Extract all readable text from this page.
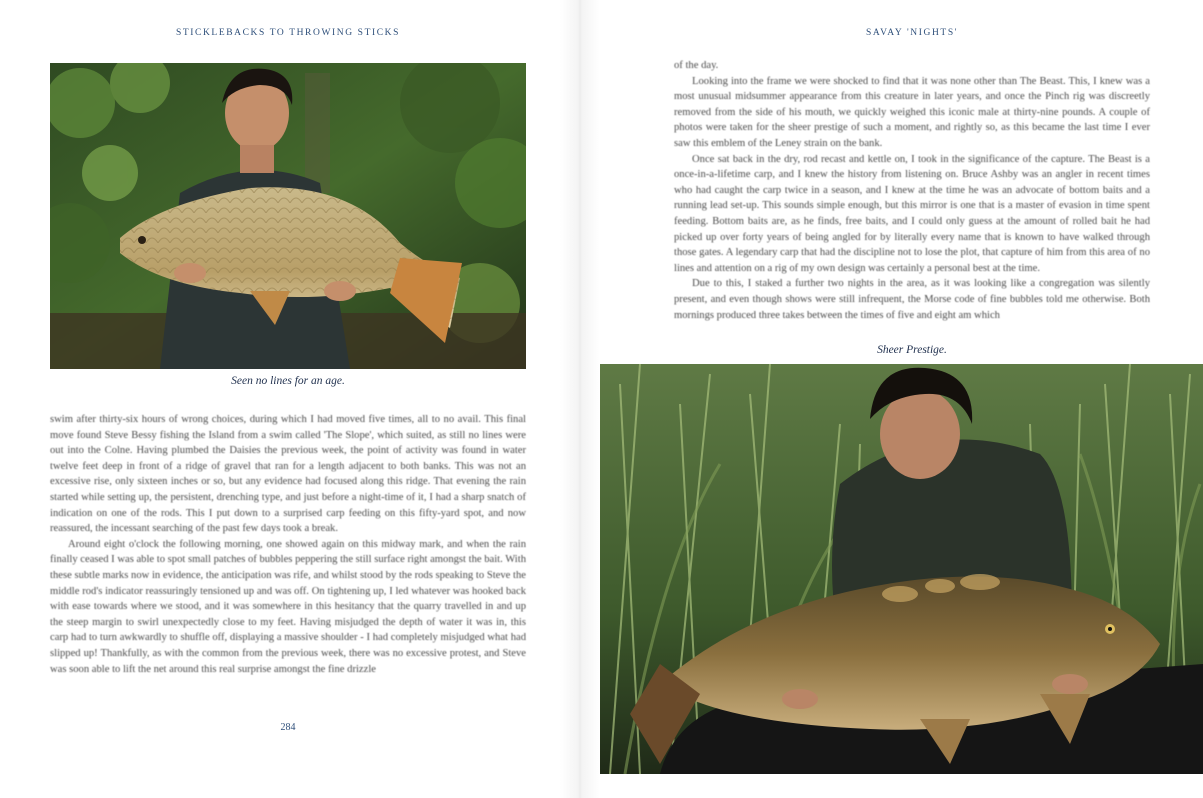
STICKLEBACKS TO THROWING STICKS
Seen no lines for an age.

swim after thirty-six hours of wrong choices, during which I had moved five times, all to no avail. This final move found Steve Bessy fishing the Island from a swim called 'The Slope', which suited, as still no lines were out into the Colne. Having plumbed the Daisies the previous week, the point of activity was found in water twelve feet deep in front of a ridge of gravel that ran for a length adjacent to both banks. This was not an excessive rise, only sixteen inches or so, but any evidence had focused along this ridge. That evening the rain started while setting up, the persistent, drenching type, and just before a night-time of it, I had a sharp snatch of indication on one of the rods. This I put down to a surprised carp feeding on this fifty-yard spot, and now reassured, the incessant searching of the past few days took a break.

Around eight o'clock the following morning, one showed again on this midway mark, and when the rain finally ceased I was able to spot small patches of bubbles peppering the still surface right amongst the bait. With these subtle marks now in evidence, the anticipation was rife, and whilst stood by the rods speaking to Steve the middle rod's indicator reassuringly tensioned up and was off. On tightening up, I led whatever was hooked back with ease towards where we stood, and it was somewhere in this hesitancy that the quarry travelled in and up the steep margin to swirl unexpectedly close to my feet. Having misjudged the depth of water it was in, this carp had to turn awkwardly to shuffle off, displaying a massive shoulder - I had completely misjudged what had slipped up! Thankfully, as with the common from the previous week, there was no excessive protest, and Steve was soon able to lift the net around this real surprise amongst the fine drizzle

284
SAVAY 'NIGHTS'

of the day.

Looking into the frame we were shocked to find that it was none other than The Beast. This, I knew was a most unusual midsummer appearance from this creature in later years, and once the Pinch rig was discreetly removed from the side of his mouth, we quickly weighed this iconic male at thirty-nine pounds. A couple of photos were taken for the sheer prestige of such a moment, and rightly so, as this became the last time I ever saw this emblem of the Leney strain on the bank.

Once sat back in the dry, rod recast and kettle on, I took in the significance of the capture. The Beast is a once-in-a-lifetime carp, and I knew the history from listening on. Bruce Ashby was an angler in recent times who had caught the carp twice in a season, and I knew at the time he was an advocate of bottom baits and a running lead set-up. This sounds simple enough, but this mirror is one that is a master of evasion in time spent feeding. Bottom baits are, as he finds, free baits, and I could only guess at the amount of rolled bait he had picked up over forty years of being angled for by literally every name that is known to have walked through those gates. A legendary carp that had the discipline not to lose the plot, that capture of him from this area of no lines and attention on a rig of my own design was certainly a personal best at the time.

Due to this, I staked a further two nights in the area, as it was looking like a congregation was silently present, and even though shows were still infrequent, the Morse code of fine bubbles told me otherwise. Both mornings produced three takes between the times of five and eight am which

Sheer Prestige.
